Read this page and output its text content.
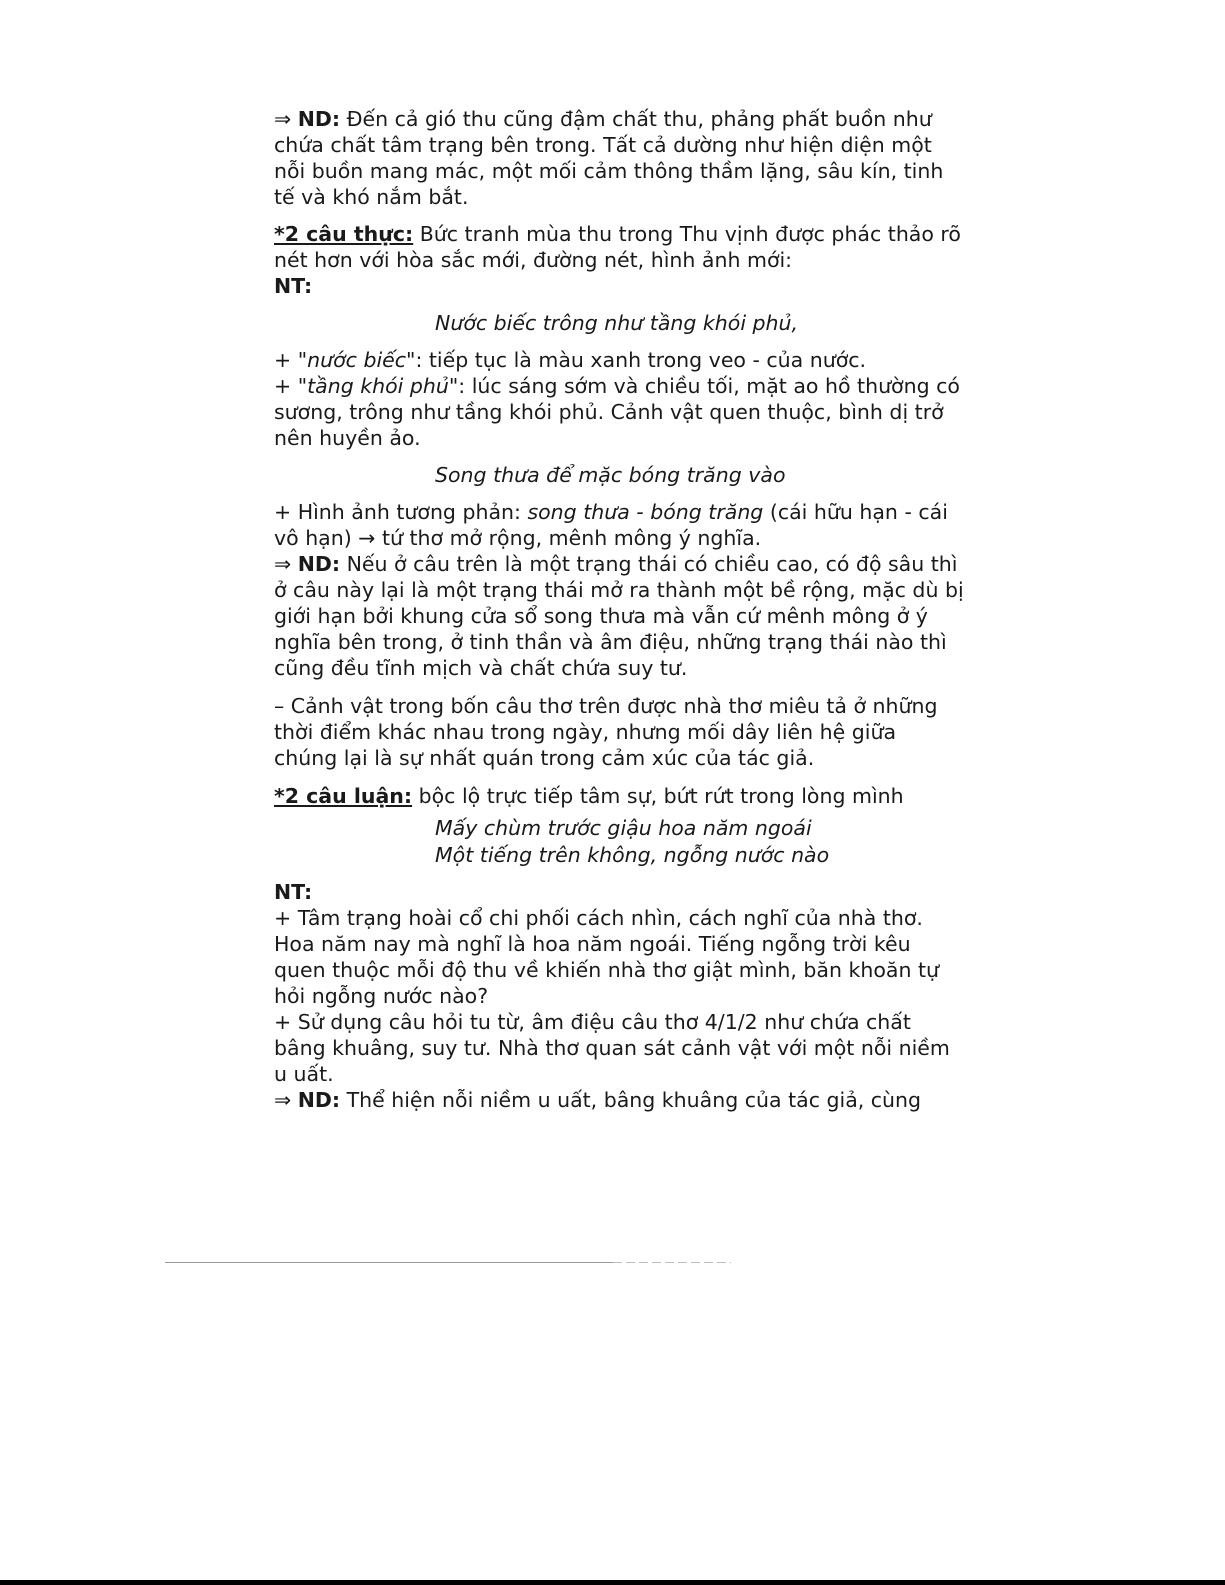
⇒ ND: Đến cả gió thu cũng đậm chất thu, phảng phất buồn như chứa chất tâm trạng bên trong. Tất cả dường như hiện diện một nỗi buồn mang mác, một mối cảm thông thầm lặng, sâu kín, tinh tế và khó nắm bắt.

*2 câu thực: Bức tranh mùa thu trong Thu vịnh được phác thảo rõ nét hơn với hòa sắc mới, đường nét, hình ảnh mới:

NT:

Nước biếc trông như tầng khói phủ,

+ "nước biếc": tiếp tục là màu xanh trong veo - của nước.

+ "tầng khói phủ": lúc sáng sớm và chiều tối, mặt ao hồ thường có sương, trông như tầng khói phủ. Cảnh vật quen thuộc, bình dị trở nên huyền ảo.

Song thưa để mặc bóng trăng vào

+ Hình ảnh tương phản: song thưa - bóng trăng (cái hữu hạn - cái vô hạn) → tứ thơ mở rộng, mênh mông ý nghĩa.

⇒ ND: Nếu ở câu trên là một trạng thái có chiều cao, có độ sâu thì ở câu này lại là một trạng thái mở ra thành một bề rộng, mặc dù bị giới hạn bởi khung cửa sổ song thưa mà vẫn cứ mênh mông ở ý nghĩa bên trong, ở tinh thần và âm điệu, những trạng thái nào thì cũng đều tĩnh mịch và chất chứa suy tư.

– Cảnh vật trong bốn câu thơ trên được nhà thơ miêu tả ở những thời điểm khác nhau trong ngày, nhưng mối dây liên hệ giữa chúng lại là sự nhất quán trong cảm xúc của tác giả.

*2 câu luận: bộc lộ trực tiếp tâm sự, bứt rứt trong lòng mình

Mấy chùm trước giậu hoa năm ngoái
Một tiếng trên không, ngỗng nước nào

NT:

+ Tâm trạng hoài cổ chi phối cách nhìn, cách nghĩ của nhà thơ. Hoa năm nay mà nghĩ là hoa năm ngoái. Tiếng ngỗng trời kêu quen thuộc mỗi độ thu về khiến nhà thơ giật mình, băn khoăn tự hỏi ngỗng nước nào?

+ Sử dụng câu hỏi tu từ, âm điệu câu thơ 4/1/2 như chứa chất bâng khuâng, suy tư. Nhà thơ quan sát cảnh vật với một nỗi niềm u uất.

⇒ ND: Thể hiện nỗi niềm u uất, bâng khuâng của tác giả, cùng
